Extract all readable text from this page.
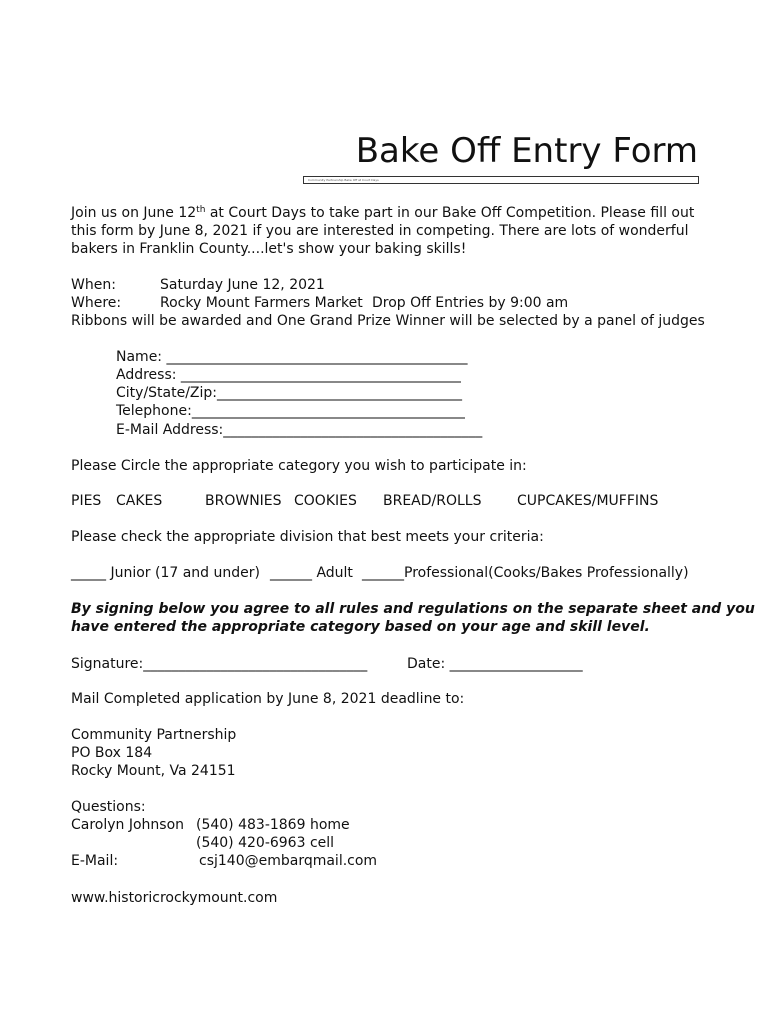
Bake Off Entry Form
Community Partnership Bake Off at Court Days
Join us on June 12th at Court Days to take part in our Bake Off Competition. Please fill out
this form by June 8, 2021 if you are interested in competing. There are lots of wonderful
bakers in Franklin County....let's show your baking skills!
When:	Saturday June 12, 2021
Where:	Rocky Mount Farmers Market Drop Off Entries by 9:00 am
Ribbons will be awarded and One Grand Prize Winner will be selected by a panel of judges
Name: ___________________________________________
Address: ________________________________________
City/State/Zip:___________________________________
Telephone:_______________________________________
E-Mail Address:_____________________________________
Please Circle the appropriate category you wish to participate in:
PIES CAKES	BROWNIES COOKIES BREAD/ROLLS	CUPCAKES/MUFFINS
Please check the appropriate division that best meets your criteria:
_____ Junior (17 and under) ______ Adult ______Professional(Cooks/Bakes Professionally)
By signing below you agree to all rules and regulations on the separate sheet and you
have entered the appropriate category based on your age and skill level.
Signature:________________________________	Date: ___________________
Mail Completed application by June 8, 2021 deadline to:
Community Partnership
PO Box 184
Rocky Mount, Va 24151
Questions:
Carolyn Johnson (540) 483-1869 home
(540) 420-6963 cell
E-Mail:	csj140@embarqmail.com
www.historicrockymount.com
